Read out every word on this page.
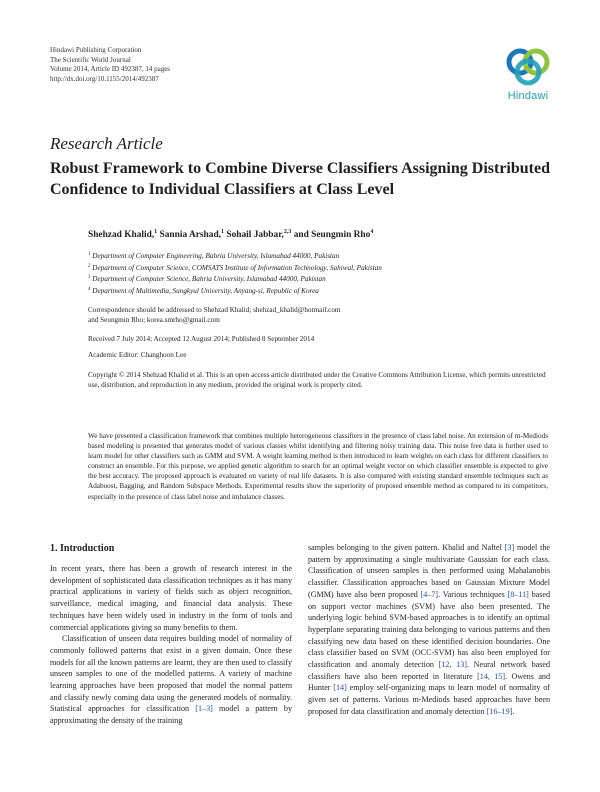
Hindawi Publishing Corporation
The Scientific World Journal
Volume 2014, Article ID 492387, 14 pages
http://dx.doi.org/10.1155/2014/492387
Hindawi
Research Article
Robust Framework to Combine Diverse Classifiers Assigning Distributed Confidence to Individual Classifiers at Class Level
Shehzad Khalid,$^1$ Sannia Arshad,$^1$ Sohail Jabbar,$^{2,3}$ and Seungmin Rho$^4$
$^1$ Department of Computer Engineering, Bahria University, Islamabad 44000, Pakistan
$^2$ Department of Computer Science, COMSATS Institute of Information Technology, Sahiwal, Pakistan
$^3$ Department of Computer Science, Bahria University, Islamabad 44000, Pakistan
$^4$ Department of Multimedia, Sungkyul University, Anyang-si, Republic of Korea
Correspondence should be addressed to Shehzad Khalid; shehzad_khalid@hotmail.com
and Seungmin Rho; korea.smrho@gmail.com
Received 7 July 2014; Accepted 12 August 2014; Published 8 September 2014
Academic Editor: Changhoon Lee
Copyright © 2014 Shehzad Khalid et al. This is an open access article distributed under the Creative Commons Attribution License, which permits unrestricted use, distribution, and reproduction in any medium, provided the original work is properly cited.
We have presented a classification framework that combines multiple heterogeneous classifiers in the presence of class label noise. An extension of m-Mediods based modeling is presented that generates model of various classes whilst identifying and filtering noisy training data. This noise free data is further used to learn model for other classifiers such as GMM and SVM. A weight learning method is then introduced to learn weights on each class for different classifiers to construct an ensemble. For this purpose, we applied genetic algorithm to search for an optimal weight vector on which classifier ensemble is expected to give the best accuracy. The proposed approach is evaluated on variety of real life datasets. It is also compared with existing standard ensemble techniques such as Adaboost, Bagging, and Random Subspace Methods. Experimental results show the superiority of proposed ensemble method as compared to its competitors, especially in the presence of class label noise and imbalance classes.
1. Introduction

In recent years, there has been a growth of research interest in the development of sophisticated data classification techniques as it has many practical applications in variety of fields such as object recognition, surveillance, medical imaging, and financial data analysis. These techniques have been widely used in industry in the form of tools and commercial applications giving so many benefits to them.

Classification of unseen data requires building model of normality of commonly followed patterns that exist in a given domain. Once these models for all the known patterns are learnt, they are then used to classify unseen samples to one of the modelled patterns. A variety of machine learning approaches have been proposed that model the normal pattern and classify newly coming data using the generated models of normality. Statistical approaches for classification [1–3] model a pattern by approximating the density of the training

samples belonging to the given pattern. Khalid and Naftel [3] model the pattern by approximating a single multivariate Gaussian for each class. Classification of unseen samples is then performed using Mahalanobis classifier. Classification approaches based on Gaussian Mixture Model (GMM) have also been proposed [4–7]. Various techniques [8–11] based on support vector machines (SVM) have also been presented. The underlying logic behind SVM-based approaches is to identify an optimal hyperplane separating training data belonging to various patterns and then classifying new data based on these identified decision boundaries. One class classifier based on SVM (OCC-SVM) has also been employed for classification and anomaly detection [12, 13]. Neural network based classifiers have also been reported in literature [14, 15]. Owens and Hunter [14] employ self-organizing maps to learn model of normality of given set of patterns. Various m-Mediods based approaches have been proposed for data classification and anomaly detection [16–19].
